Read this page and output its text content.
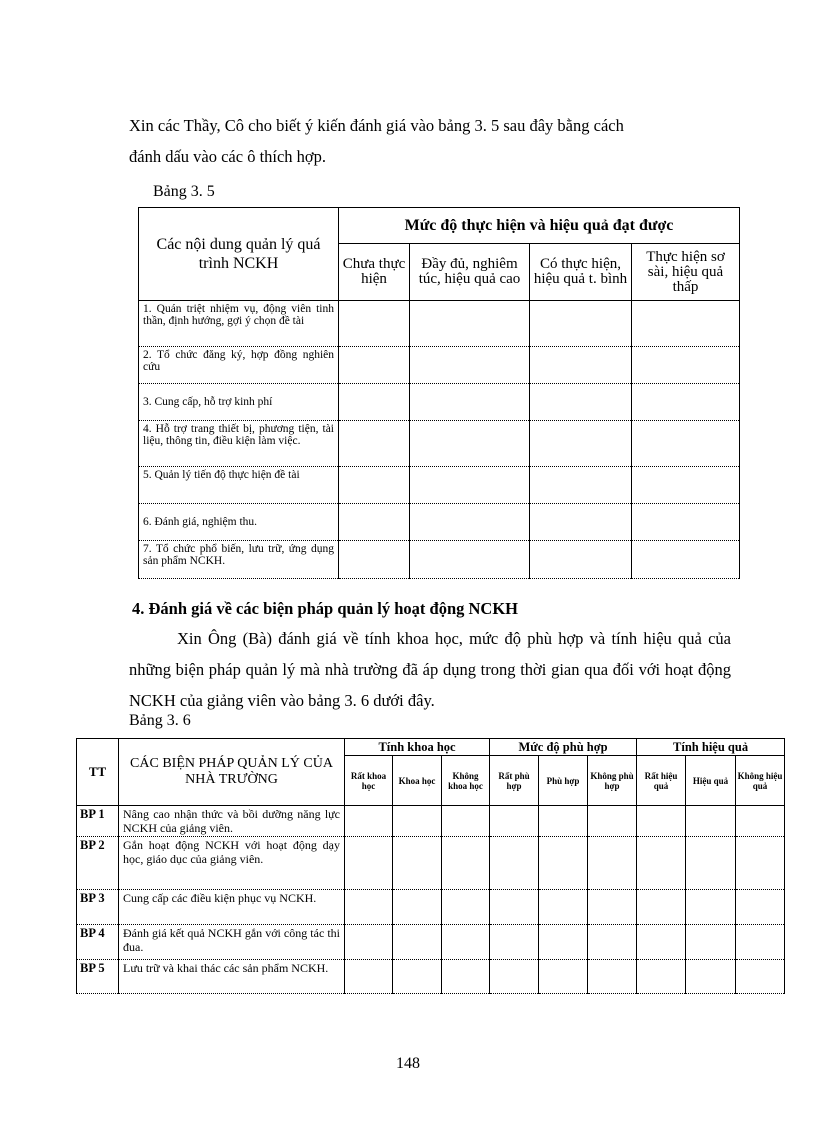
Xin các Thầy, Cô cho biết ý kiến đánh giá vào bảng 3. 5 sau đây bằng cách
đánh dấu vào các ô thích hợp.
Bảng 3. 5
Các nội dung quản lý quá trình NCKH	Mức độ thực hiện và hiệu quả đạt được			
	Chưa thực hiện	Đầy đủ, nghiêm túc, hiệu quả cao	Có thực hiện, hiệu quả t. bình	Thực hiện sơ sài, hiệu quả thấp
1. Quán triệt nhiệm vụ, động viên tinh thần, định hướng, gợi ý chọn đề tài				
2. Tổ chức đăng ký, hợp đồng nghiên cứu				
3. Cung cấp, hỗ trợ kinh phí				
4. Hỗ trợ trang thiết bị, phương tiện, tài liệu, thông tin, điều kiện làm việc.				
5. Quản lý tiến độ thực hiện đề tài				
6. Đánh giá, nghiệm thu.				
7. Tổ chức phổ biến, lưu trữ, ứng dụng sản phẩm NCKH.				
4. Đánh giá về các biện pháp quản lý hoạt động NCKH
Xin Ông (Bà) đánh giá về tính khoa học, mức độ phù hợp và tính hiệu quả của những biện pháp quản lý mà nhà trường đã áp dụng trong thời gian qua đối với hoạt động NCKH của giảng viên vào bảng 3. 6 dưới đây.
Bảng 3. 6
TT	CÁC BIỆN PHÁP QUẢN LÝ CỦA NHÀ TRƯỜNG	Tính khoa học			Mức độ phù hợp			Tính hiệu quả		
		Rất khoa học	Khoa học	Không khoa học	Rất phù hợp	Phù hợp	Không phù hợp	Rất hiệu quả	Hiệu quả	Không hiệu quả
BP 1	Nâng cao nhận thức và bồi dưỡng năng lực NCKH của giảng viên.									
BP 2	Gắn hoạt động NCKH với hoạt động dạy học, giáo dục của giảng viên.									
BP 3	Cung cấp các điều kiện phục vụ NCKH.									
BP 4	Đánh giá kết quả NCKH gắn với công tác thi đua.									
BP 5	Lưu trữ và khai thác các sản phẩm NCKH.									
148
